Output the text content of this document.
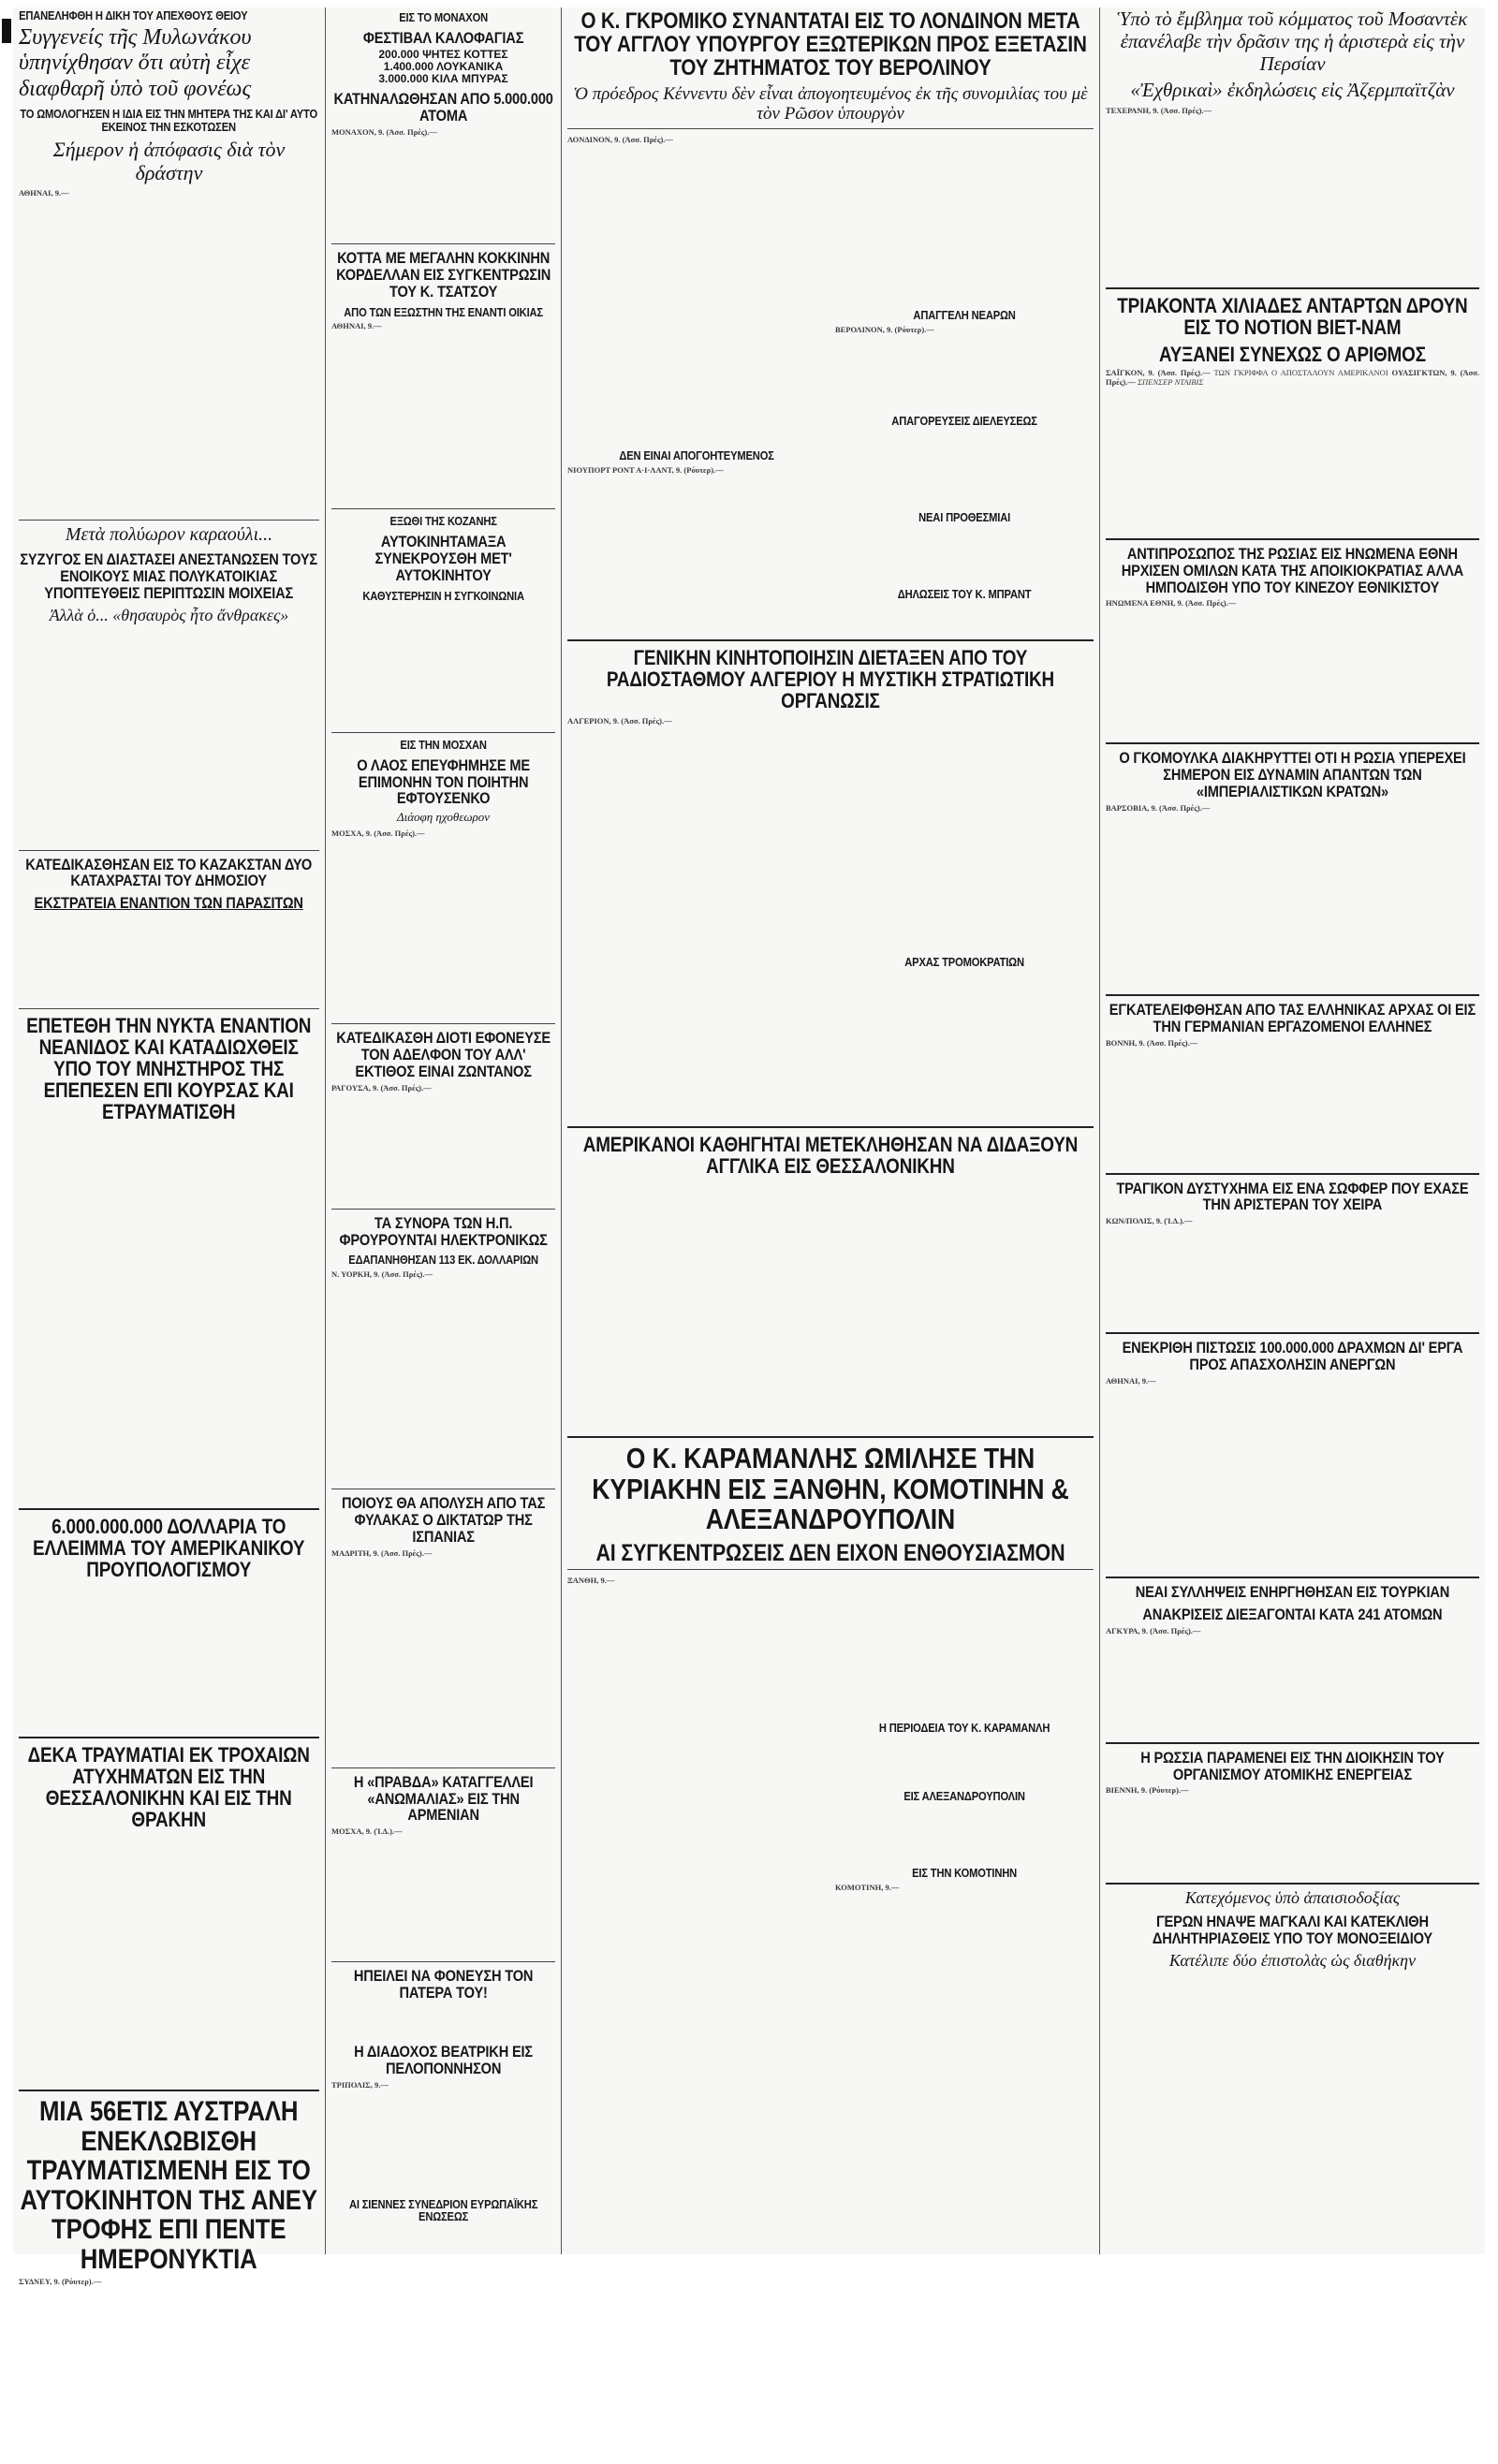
ΕΠΑΝΕΛΗΦΘΗ Η ΔΙΚΗ ΤΟΥ ΑΠΕΧΘΟΥΣ ΘΕΙΟΥ
Συγγενείς τῆς Μυλωνάκου ὑπηνίχθησαν ὅτι αὐτὴ εἶχε διαφθαρῆ ὑπὸ τοῦ φονέως
ΤΟ ΩΜΟΛΟΓΗΣΕΝ Η ΙΔΙΑ ΕΙΣ ΤΗΝ ΜΗΤΕΡΑ ΤΗΣ ΚΑΙ ΔΙ' ΑΥΤΟ ΕΚΕΙΝΟΣ ΤΗΝ ΕΣΚΟΤΩΣΕΝ
Σήμερον ἡ ἀπόφασις διὰ τὸν δράστην
ΑΘΗΝΑΙ, 9.—
Μετὰ πολύωρον καραούλι...
ΣΥΖΥΓΟΣ ΕΝ ΔΙΑΣΤΑΣΕΙ ΑΝΕΣΤΑΝΩΣΕΝ ΤΟΥΣ ΕΝΟΙΚΟΥΣ ΜΙΑΣ ΠΟΛΥΚΑΤΟΙΚΙΑΣ ΥΠΟΠΤΕΥΘΕΙΣ ΠΕΡΙΠΤΩΣΙΝ ΜΟΙΧΕΙΑΣ
Ἀλλὰ ὁ... «θησαυρὸς ἦτο ἄνθρακες»
ΚΑΤΕΔΙΚΑΣΘΗΣΑΝ ΕΙΣ ΤΟ ΚΑΖΑΚΣΤΑΝ ΔΥΟ ΚΑΤΑΧΡΑΣΤΑΙ ΤΟΥ ΔΗΜΟΣΙΟΥ
ΕΚΣΤΡΑΤΕΙΑ ΕΝΑΝΤΙΟΝ ΤΩΝ ΠΑΡΑΣΙΤΩΝ
ΕΠΕΤΕΘΗ ΤΗΝ ΝΥΚΤΑ ΕΝΑΝΤΙΟΝ ΝΕΑΝΙΔΟΣ ΚΑΙ ΚΑΤΑΔΙΩΧΘΕΙΣ ΥΠΟ ΤΟΥ ΜΝΗΣΤΗΡΟΣ ΤΗΣ ΕΠΕΠΕΣΕΝ ΕΠΙ ΚΟΥΡΣΑΣ ΚΑΙ ΕΤΡΑΥΜΑΤΙΣΘΗ
6.000.000.000 ΔΟΛΛΑΡΙΑ ΤΟ ΕΛΛΕΙΜΜΑ ΤΟΥ ΑΜΕΡΙΚΑΝΙΚΟΥ ΠΡΟΥΠΟΛΟΓΙΣΜΟΥ
ΔΕΚΑ ΤΡΑΥΜΑΤΙΑΙ ΕΚ ΤΡΟΧΑΙΩΝ ΑΤΥΧΗΜΑΤΩΝ ΕΙΣ ΤΗΝ ΘΕΣΣΑΛΟΝΙΚΗΝ ΚΑΙ ΕΙΣ ΤΗΝ ΘΡΑΚΗΝ
ΜΙΑ 56ΕΤΙΣ ΑΥΣΤΡΑΛΗ ΕΝΕΚΛΩΒΙΣΘΗ ΤΡΑΥΜΑΤΙΣΜΕΝΗ ΕΙΣ ΤΟ ΑΥΤΟΚΙΝΗΤΟΝ ΤΗΣ ΑΝΕΥ ΤΡΟΦΗΣ ΕΠΙ ΠΕΝΤΕ ΗΜΕΡΟΝΥΚΤΙΑ
ΣΥΔΝΕΥ, 9. (Ρόυτερ).—
ΕΙΣ ΤΟ ΜΟΝΑΧΟΝ
ΦΕΣΤΙΒΑΛ ΚΑΛΟΦΑΓΙΑΣ
200.000 ΨΗΤΕΣ ΚΟΤΤΕΣ
1.400.000 ΛΟΥΚΑΝΙΚΑ
3.000.000 ΚΙΛΑ ΜΠΥΡΑΣ
ΚΑΤΗΝΑΛΩΘΗΣΑΝ ΑΠΟ 5.000.000 ΑΤΟΜΑ
ΜΟΝΑΧΟΝ, 9. (Ἀσσ. Πρές).—
ΚΟΤΤΑ ΜΕ ΜΕΓΑΛΗΝ ΚΟΚΚΙΝΗΝ ΚΟΡΔΕΛΛΑΝ ΕΙΣ ΣΥΓΚΕΝΤΡΩΣΙΝ ΤΟΥ Κ. ΤΣΑΤΣΟΥ
ΑΠΟ ΤΩΝ ΕΞΩΣΤΗΝ ΤΗΣ ΕΝΑΝΤΙ ΟΙΚΙΑΣ
ΑΘΗΝΑΙ, 9.—
ΕΞΩΘΙ ΤΗΣ ΚΟΖΑΝΗΣ
ΑΥΤΟΚΙΝΗΤΑΜΑΞΑ ΣΥΝΕΚΡΟΥΣΘΗ ΜΕΤ' ΑΥΤΟΚΙΝΗΤΟΥ
ΚΑΘΥΣΤΕΡΗΣΙΝ Η ΣΥΓΚΟΙΝΩΝΙΑ
ΕΙΣ ΤΗΝ ΜΟΣΧΑΝ
Ο ΛΑΟΣ ΕΠΕΥΦΗΜΗΣΕ ΜΕ ΕΠΙΜΟΝΗΝ ΤΟΝ ΠΟΙΗΤΗΝ ΕΦΤΟΥΣΕΝΚΟ
Διάοφη ηχοθεωρον
ΜΟΣΧΑ, 9. (Ἀσσ. Πρές).—
ΚΑΤΕΔΙΚΑΣΘΗ ΔΙΟΤΙ ΕΦΟΝΕΥΣΕ ΤΟΝ ΑΔΕΛΦΟΝ ΤΟΥ ΑΛΛ' ΕΚΤΙΘΟΣ ΕΙΝΑΙ ΖΩΝΤΑΝΟΣ
ΡΑΓΟΥΣΑ, 9. (Ἀσσ. Πρές).—
ΤΑ ΣΥΝΟΡΑ ΤΩΝ Η.Π. ΦΡΟΥΡΟΥΝΤΑΙ ΗΛΕΚΤΡΟΝΙΚΩΣ
ΕΔΑΠΑΝΗΘΗΣΑΝ 113 ΕΚ. ΔΟΛΛΑΡΙΩΝ
Ν. ΥΟΡΚΗ, 9. (Ἀσσ. Πρές).—
ΠΟΙΟΥΣ ΘΑ ΑΠΟΛΥΣΗ ΑΠΟ ΤΑΣ ΦΥΛΑΚΑΣ Ο ΔΙΚΤΑΤΩΡ ΤΗΣ ΙΣΠΑΝΙΑΣ
ΜΑΔΡΙΤΗ, 9. (Ἀσσ. Πρές).—
Η «ΠΡΑΒΔΑ» ΚΑΤΑΓΓΕΛΛΕΙ «ΑΝΩΜΑΛΙΑΣ» ΕΙΣ ΤΗΝ ΑΡΜΕΝΙΑΝ
ΜΟΣΧΑ, 9. (Ἰ.Δ.).—
ΗΠΕΙΛΕΙ ΝΑ ΦΟΝΕΥΣΗ ΤΟΝ ΠΑΤΕΡΑ ΤΟΥ!
Η ΔΙΑΔΟΧΟΣ ΒΕΑΤΡΙΚΗ ΕΙΣ ΠΕΛΟΠΟΝΝΗΣΟΝ
ΤΡΙΠΟΛΙΣ, 9.—
ΑΙ ΣΙΕΝΝΕΣ ΣΥΝΕΔΡΙΟΝ ΕΥΡΩΠΑΪΚΗΣ ΕΝΩΣΕΩΣ
Ο Κ. ΓΚΡΟΜΙΚΟ ΣΥΝΑΝΤΑΤΑΙ ΕΙΣ ΤΟ ΛΟΝΔΙΝΟΝ ΜΕΤΑ ΤΟΥ ΑΓΓΛΟΥ ΥΠΟΥΡΓΟΥ ΕΞΩΤΕΡΙΚΩΝ ΠΡΟΣ ΕΞΕΤΑΣΙΝ ΤΟΥ ΖΗΤΗΜΑΤΟΣ ΤΟΥ ΒΕΡΟΛΙΝΟΥ
Ὁ πρόεδρος Κέννεντυ δὲν εἶναι ἀπογοητευμένος ἐκ τῆς συνομιλίας του μὲ τὸν Ρῶσον ὑπουργὸν
ΛΟΝΔΙΝΟΝ, 9. (Ἀσσ. Πρές).—
ΔΕΝ ΕΙΝΑΙ ΑΠΟΓΟΗΤΕΥΜΕΝΟΣ
ΝΙΟΥΠΟΡΤ ΡΟΝΤ Α·Ι·ΛΑΝΤ, 9. (Ρόυτερ).—
ΑΠΑΓΓΕΛΗ ΝΕΑΡΩΝ
ΒΕΡΟΛΙΝΟΝ, 9. (Ρόυτερ).—
ΑΠΑΓΟΡΕΥΣΕΙΣ ΔΙΕΛΕΥΣΕΩΣ
ΝΕΑΙ ΠΡΟΘΕΣΜΙΑΙ
ΔΗΛΩΣΕΙΣ ΤΟΥ Κ. ΜΠΡΑΝΤ
ΓΕΝΙΚΗΝ ΚΙΝΗΤΟΠΟΙΗΣΙΝ ΔΙΕΤΑΞΕΝ ΑΠΟ ΤΟΥ ΡΑΔΙΟΣΤΑΘΜΟΥ ΑΛΓΕΡΙΟΥ Η ΜΥΣΤΙΚΗ ΣΤΡΑΤΙΩΤΙΚΗ ΟΡΓΑΝΩΣΙΣ
ΑΛΓΕΡΙΟΝ, 9. (Ἀσσ. Πρές).—
ΑΡΧΑΣ ΤΡΟΜΟΚΡΑΤΙΩΝ
ΑΜΕΡΙΚΑΝΟΙ ΚΑΘΗΓΗΤΑΙ ΜΕΤΕΚΛΗΘΗΣΑΝ ΝΑ ΔΙΔΑΞΟΥΝ ΑΓΓΛΙΚΑ ΕΙΣ ΘΕΣΣΑΛΟΝΙΚΗΝ
Ο Κ. ΚΑΡΑΜΑΝΛΗΣ ΩΜΙΛΗΣΕ ΤΗΝ ΚΥΡΙΑΚΗΝ ΕΙΣ ΞΑΝΘΗΝ, ΚΟΜΟΤΙΝΗΝ & ΑΛΕΞΑΝΔΡΟΥΠΟΛΙΝ
ΑΙ ΣΥΓΚΕΝΤΡΩΣΕΙΣ ΔΕΝ ΕΙΧΟΝ ΕΝΘΟΥΣΙΑΣΜΟΝ
ΞΑΝΘΗ, 9.—
Η ΠΕΡΙΟΔΕΙΑ ΤΟΥ Κ. ΚΑΡΑΜΑΝΛΗ
ΕΙΣ ΑΛΕΞΑΝΔΡΟΥΠΟΛΙΝ
ΕΙΣ ΤΗΝ ΚΟΜΟΤΙΝΗΝ
ΚΟΜΟΤΙΝΗ, 9.—
Ὑπὸ τὸ ἔμβλημα τοῦ κόμματος τοῦ Μοσαντὲκ ἐπανέλαβε τὴν δρᾶσιν της ἡ ἀριστερὰ εἰς τὴν Περσίαν
«Ἐχθρικαὶ» ἐκδηλώσεις εἰς Ἀζερμπαϊτζὰν
ΤΕΧΕΡΑΝΗ, 9. (Ἀσσ. Πρές).—
ΤΡΙΑΚΟΝΤΑ ΧΙΛΙΑΔΕΣ ΑΝΤΑΡΤΩΝ ΔΡΟΥΝ ΕΙΣ ΤΟ ΝΟΤΙΟΝ ΒΙΕΤ-ΝΑΜ
ΑΥΞΑΝΕΙ ΣΥΝΕΧΩΣ Ο ΑΡΙΘΜΟΣ
ΣΑΪΓΚΟΝ, 9. (Ἀσσ. Πρές).— ΤΩΝ ΓΚΡΙΦΦΑ Ο ΑΠΟΣΤΑΛΟΥΝ ΑΜΕΡΙΚΑΝΟΙ ΟΥΑΣΙΓΚΤΩΝ, 9. (Ἀσσ. Πρές).— ΣΠΕΝΣΕΡ ΝΤΑΙΒΙΣ
ΑΝΤΙΠΡΟΣΩΠΟΣ ΤΗΣ ΡΩΣΙΑΣ ΕΙΣ ΗΝΩΜΕΝΑ ΕΘΝΗ ΗΡΧΙΣΕΝ ΟΜΙΛΩΝ ΚΑΤΑ ΤΗΣ ΑΠΟΙΚΙΟΚΡΑΤΙΑΣ ΑΛΛΑ ΗΜΠΟΔΙΣΘΗ ΥΠΟ ΤΟΥ ΚΙΝΕΖΟΥ ΕΘΝΙΚΙΣΤΟΥ
ΗΝΩΜΕΝΑ ΕΘΝΗ, 9. (Ἀσσ. Πρές).—
Ο ΓΚΟΜΟΥΛΚΑ ΔΙΑΚΗΡΥΤΤΕΙ ΟΤΙ Η ΡΩΣΙΑ ΥΠΕΡΕΧΕΙ ΣΗΜΕΡΟΝ ΕΙΣ ΔΥΝΑΜΙΝ ΑΠΑΝΤΩΝ ΤΩΝ «ΙΜΠΕΡΙΑΛΙΣΤΙΚΩΝ ΚΡΑΤΩΝ»
ΒΑΡΣΟΒΙΑ, 9. (Ἀσσ. Πρές).—
ΕΓΚΑΤΕΛΕΙΦΘΗΣΑΝ ΑΠΟ ΤΑΣ ΕΛΛΗΝΙΚΑΣ ΑΡΧΑΣ ΟΙ ΕΙΣ ΤΗΝ ΓΕΡΜΑΝΙΑΝ ΕΡΓΑΖΟΜΕΝΟΙ ΕΛΛΗΝΕΣ
ΒΟΝΝΗ, 9. (Ἀσσ. Πρές).—
ΤΡΑΓΙΚΟΝ ΔΥΣΤΥΧΗΜΑ ΕΙΣ ΕΝΑ ΣΩΦΦΕΡ ΠΟΥ ΕΧΑΣΕ ΤΗΝ ΑΡΙΣΤΕΡΑΝ ΤΟΥ ΧΕΙΡΑ
ΚΩΝ/ΠΟΛΙΣ, 9. (Ἰ.Δ.).—
ΕΝΕΚΡΙΘΗ ΠΙΣΤΩΣΙΣ 100.000.000 ΔΡΑΧΜΩΝ ΔΙ' ΕΡΓΑ ΠΡΟΣ ΑΠΑΣΧΟΛΗΣΙΝ ΑΝΕΡΓΩΝ
ΑΘΗΝΑΙ, 9.—
ΝΕΑΙ ΣΥΛΛΗΨΕΙΣ ΕΝΗΡΓΗΘΗΣΑΝ ΕΙΣ ΤΟΥΡΚΙΑΝ
ΑΝΑΚΡΙΣΕΙΣ ΔΙΕΞΑΓΟΝΤΑΙ ΚΑΤΑ 241 ΑΤΟΜΩΝ
ΑΓΚΥΡΑ, 9. (Ἀσσ. Πρές).—
Η ΡΩΣΣΙΑ ΠΑΡΑΜΕΝΕΙ ΕΙΣ ΤΗΝ ΔΙΟΙΚΗΣΙΝ ΤΟΥ ΟΡΓΑΝΙΣΜΟΥ ΑΤΟΜΙΚΗΣ ΕΝΕΡΓΕΙΑΣ
ΒΙΕΝΝΗ, 9. (Ρόυτερ).—
Κατεχόμενος ὑπὸ ἀπαισιοδοξίας
ΓΕΡΩΝ ΗΝΑΨΕ ΜΑΓΚΑΛΙ ΚΑΙ ΚΑΤΕΚΛΙΘΗ ΔΗΛΗΤΗΡΙΑΣΘΕΙΣ ΥΠΟ ΤΟΥ ΜΟΝΟΞΕΙΔΙΟΥ
Κατέλιπε δύο ἐπιστολὰς ὡς διαθήκην
